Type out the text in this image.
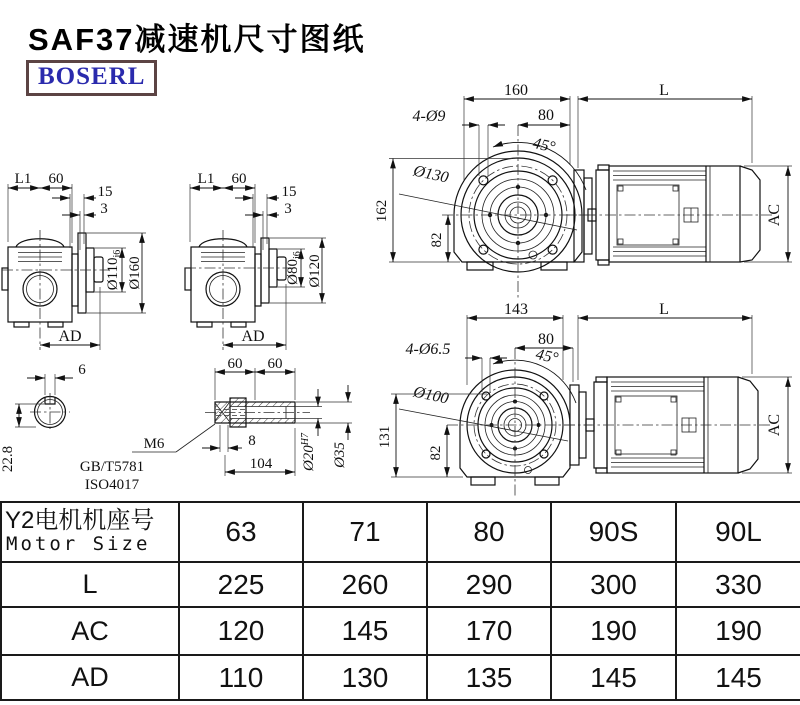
SAF37减速机尺寸图纸
BOSERL
L1 60
15
3
$Ø110_{j6}$
Ø160
AD
L1 60
15
3
$Ø80_{j6}$ Ø120
AD
160	L
4-Ø9	80
45°
Ø130
162
82
AC
143	L
4-Ø6.5
80
45°
Ø100
131
82
AC
6
22.8
60 60
8
104 $Ø20^{H7}$
Ø35
M6
GB/T5781
ISO4017
Y2电机机座号
Motor Size	63	71	80	90S	90L
L	225	260	290	300	330
AC	120	145	170	190	190
AD	110	130	135	145	145
